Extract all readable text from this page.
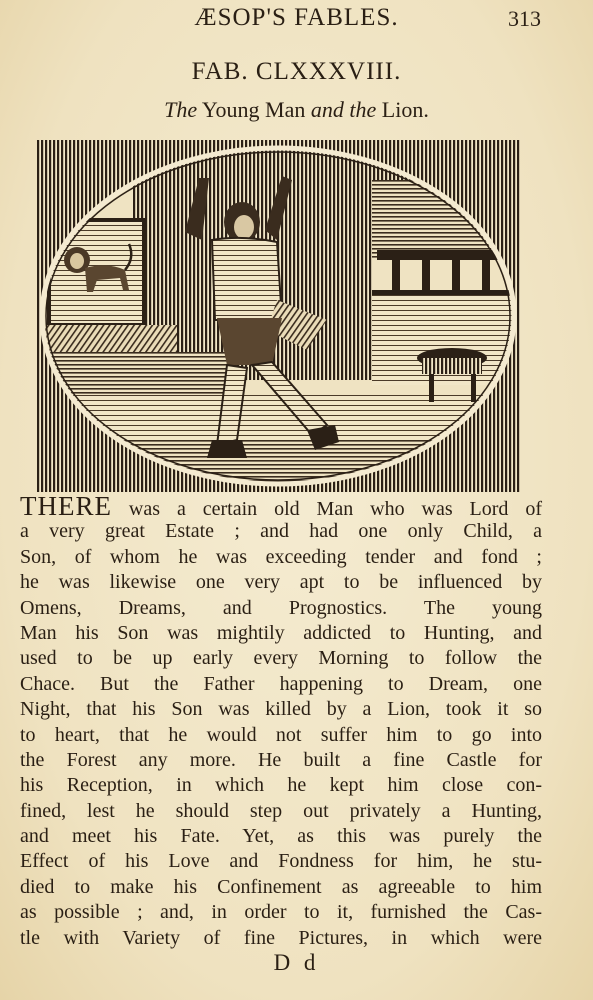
ÆSOP'S FABLES.	313
FAB. CLXXXVIII.
The Young Man and the Lion.
THERE was a certain old Man who was Lord of
a very great Estate ; and had one only Child, a
Son, of whom he was exceeding tender and fond ;
he was likewise one very apt to be influenced by
Omens, Dreams, and Prognostics. The young
Man his Son was mightily addicted to Hunting, and
used to be up early every Morning to follow the
Chace. But the Father happening to Dream, one
Night, that his Son was killed by a Lion, took it so
to heart, that he would not suffer him to go into
the Forest any more. He built a fine Castle for
his Reception, in which he kept him close con-
fined, lest he should step out privately a Hunting,
and meet his Fate. Yet, as this was purely the
Effect of his Love and Fondness for him, he stu-
died to make his Confinement as agreeable to him
as possible ; and, in order to it, furnished the Cas-
tle with Variety of fine Pictures, in which were
D d
